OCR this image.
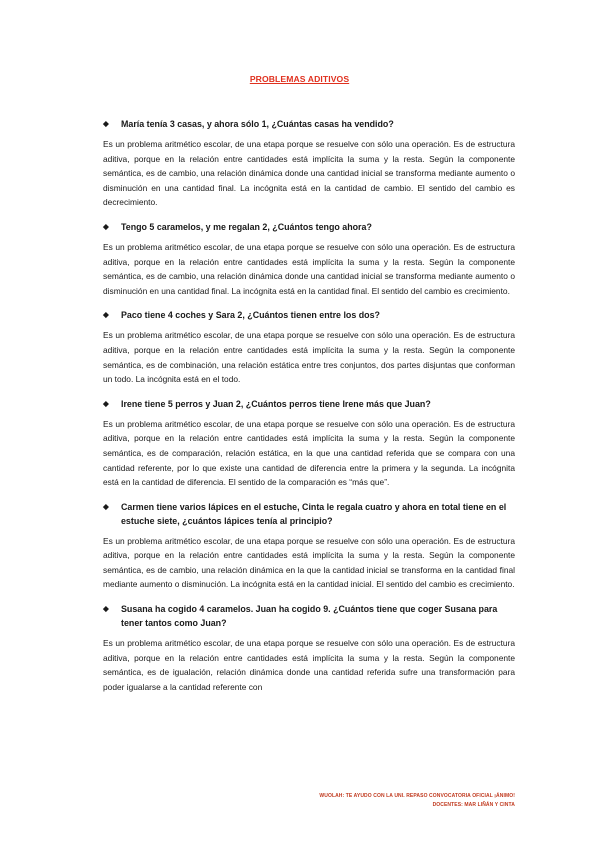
PROBLEMAS ADITIVOS
◆	María tenía 3 casas, y ahora sólo 1, ¿Cuántas casas ha vendido?

Es un problema aritmético escolar, de una etapa porque se resuelve con sólo una operación. Es de estructura aditiva, porque en la relación entre cantidades está implícita la suma y la resta. Según la componente semántica, es de cambio, una relación dinámica donde una cantidad inicial se transforma mediante aumento o disminución en una cantidad final. La incógnita está en la cantidad de cambio. El sentido del cambio es decrecimiento.

◆	Tengo 5 caramelos, y me regalan 2, ¿Cuántos tengo ahora?

Es un problema aritmético escolar, de una etapa porque se resuelve con sólo una operación. Es de estructura aditiva, porque en la relación entre cantidades está implícita la suma y la resta. Según la componente semántica, es de cambio, una relación dinámica donde una cantidad inicial se transforma mediante aumento o disminución en una cantidad final. La incógnita está en la cantidad final. El sentido del cambio es crecimiento.

◆	Paco tiene 4 coches y Sara 2, ¿Cuántos tienen entre los dos?

Es un problema aritmético escolar, de una etapa porque se resuelve con sólo una operación. Es de estructura aditiva, porque en la relación entre cantidades está implícita la suma y la resta. Según la componente semántica, es de combinación, una relación estática entre tres conjuntos, dos partes disjuntas que conforman un todo. La incógnita está en el todo.

◆	Irene tiene 5 perros y Juan 2, ¿Cuántos perros tiene Irene más que Juan?

Es un problema aritmético escolar, de una etapa porque se resuelve con sólo una operación. Es de estructura aditiva, porque en la relación entre cantidades está implícita la suma y la resta. Según la componente semántica, es de comparación, relación estática, en la que una cantidad referida que se compara con una cantidad referente, por lo que existe una cantidad de diferencia entre la primera y la segunda. La incógnita está en la cantidad de diferencia. El sentido de la comparación es “más que”.

◆	Carmen tiene varios lápices en el estuche, Cinta le regala cuatro y ahora en total tiene en el estuche siete, ¿cuántos lápices tenía al principio?

Es un problema aritmético escolar, de una etapa porque se resuelve con sólo una operación. Es de estructura aditiva, porque en la relación entre cantidades está implícita la suma y la resta. Según la componente semántica, es de cambio, una relación dinámica en la que la cantidad inicial se transforma en la cantidad final mediante aumento o disminución. La incógnita está en la cantidad inicial. El sentido del cambio es crecimiento.

◆	Susana ha cogido 4 caramelos. Juan ha cogido 9. ¿Cuántos tiene que coger Susana para tener tantos como Juan?

Es un problema aritmético escolar, de una etapa porque se resuelve con sólo una operación. Es de estructura aditiva, porque en la relación entre cantidades está implícita la suma y la resta. Según la componente semántica, es de igualación, relación dinámica donde una cantidad referida sufre una transformación para poder igualarse a la cantidad referente con

WUOLAH: TE AYUDO CON LA UNI. REPASO CONVOCATORIA OFICIAL ¡ÁNIMO!
DOCENTES: MAR LIÑÁN Y CINTA
